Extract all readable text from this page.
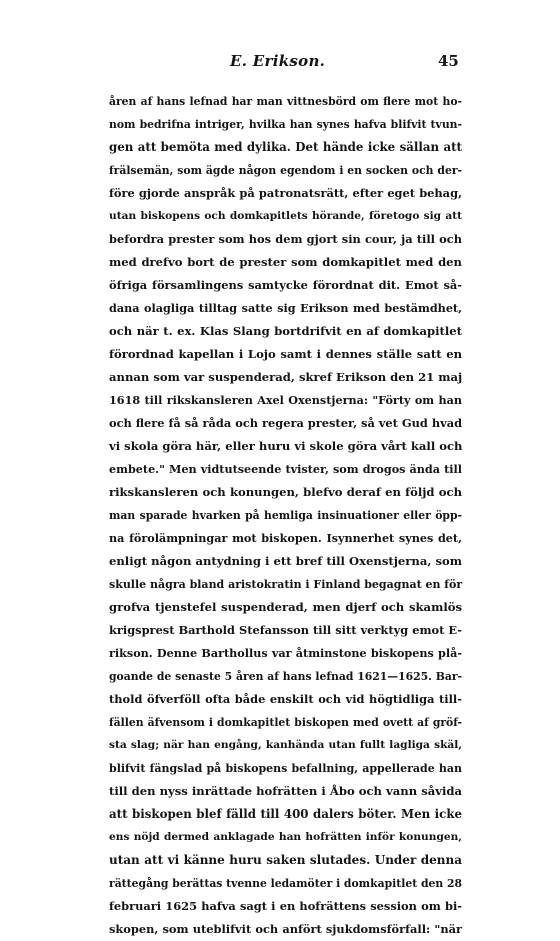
E. Erikson.	45
åren af hans lefnad har man vittnesbörd om flere mot ho-
nom bedrifna intriger, hvilka han synes hafva blifvit tvun-
gen att bemöta med dylika. Det hände icke sällan att
frälsemän, som ägde någon egendom i en socken och der-
före gjorde anspråk på patronatsrätt, efter eget behag,
utan biskopens och domkapitlets hörande, företogo sig att
befordra prester som hos dem gjort sin cour, ja till och
med drefvo bort de prester som domkapitlet med den
öfriga församlingens samtycke förordnat dit. Emot så-
dana olagliga tilltag satte sig Erikson med bestämdhet,
och när t. ex. Klas Slang bortdrifvit en af domkapitlet
förordnad kapellan i Lojo samt i dennes ställe satt en
annan som var suspenderad, skref Erikson den 21 maj
1618 till rikskansleren Axel Oxenstjerna: "Förty om han
och flere få så råda och regera prester, så vet Gud hvad
vi skola göra här, eller huru vi skole göra vårt kall och
embete." Men vidtutseende tvister, som drogos ända till
rikskansleren och konungen, blefvo deraf en följd och
man sparade hvarken på hemliga insinuationer eller öpp-
na förolämpningar mot biskopen. Isynnerhet synes det,
enligt någon antydning i ett bref till Oxenstjerna, som
skulle några bland aristokratin i Finland begagnat en för
grofva tjenstefel suspenderad, men djerf och skamlös
krigsprest Barthold Stefansson till sitt verktyg emot E-
rikson. Denne Barthollus var åtminstone biskopens plå-
goande de senaste 5 åren af hans lefnad 1621—1625. Bar-
thold öfverföll ofta både enskilt och vid högtidliga till-
fällen äfvensom i domkapitlet biskopen med ovett af gröf-
sta slag; när han engång, kanhända utan fullt lagliga skäl,
blifvit fängslad på biskopens befallning, appellerade han
till den nyss inrättade hofrätten i Åbo och vann såvida
att biskopen blef fälld till 400 dalers böter. Men icke
ens nöjd dermed anklagade han hofrätten inför konungen,
utan att vi känne huru saken slutades. Under denna
rättegång berättas tvenne ledamöter i domkapitlet den 28
februari 1625 hafva sagt i en hofrättens session om bi-
skopen, som uteblifvit och anfört sjukdomsförfall: "när
